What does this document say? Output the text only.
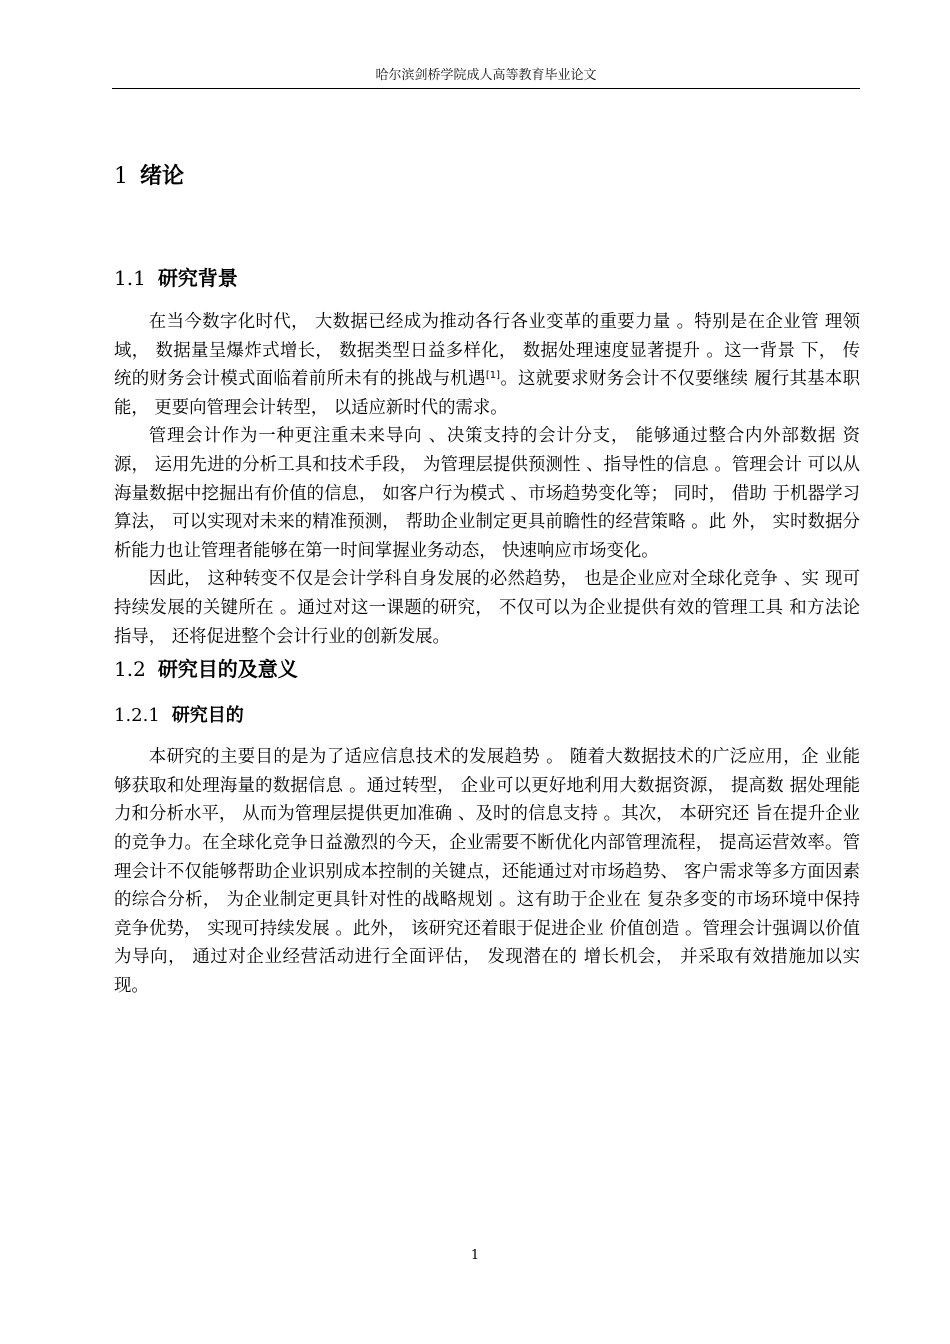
哈尔滨剑桥学院成人高等教育毕业论文
1 绪论
1.1 研究背景

在当今数字化时代， 大数据已经成为推动各行各业变革的重要力量 。特别是在企业管 理领域， 数据量呈爆炸式增长， 数据类型日益多样化， 数据处理速度显著提升 。这一背景 下， 传统的财务会计模式面临着前所未有的挑战与机遇[1]。这就要求财务会计不仅要继续 履行其基本职能， 更要向管理会计转型， 以适应新时代的需求。

管理会计作为一种更注重未来导向 、决策支持的会计分支， 能够通过整合内外部数据 资源， 运用先进的分析工具和技术手段， 为管理层提供预测性 、指导性的信息 。管理会计 可以从海量数据中挖掘出有价值的信息， 如客户行为模式 、市场趋势变化等； 同时， 借助 于机器学习算法， 可以实现对未来的精准预测， 帮助企业制定更具前瞻性的经营策略 。此 外， 实时数据分析能力也让管理者能够在第一时间掌握业务动态， 快速响应市场变化。

因此， 这种转变不仅是会计学科自身发展的必然趋势， 也是企业应对全球化竞争 、实 现可持续发展的关键所在 。通过对这一课题的研究， 不仅可以为企业提供有效的管理工具 和方法论指导， 还将促进整个会计行业的创新发展。

1.2 研究目的及意义
1.2.1 研究目的

本研究的主要目的是为了适应信息技术的发展趋势 。 随着大数据技术的广泛应用，企 业能够获取和处理海量的数据信息 。通过转型， 企业可以更好地利用大数据资源， 提高数 据处理能力和分析水平， 从而为管理层提供更加准确 、及时的信息支持 。其次， 本研究还 旨在提升企业的竞争力。在全球化竞争日益激烈的今天，企业需要不断优化内部管理流程， 提高运营效率。管理会计不仅能够帮助企业识别成本控制的关键点，还能通过对市场趋势、 客户需求等多方面因素的综合分析， 为企业制定更具针对性的战略规划 。这有助于企业在 复杂多变的市场环境中保持竞争优势， 实现可持续发展 。此外， 该研究还着眼于促进企业 价值创造 。管理会计强调以价值为导向， 通过对企业经营活动进行全面评估， 发现潜在的 增长机会， 并采取有效措施加以实现。

1
